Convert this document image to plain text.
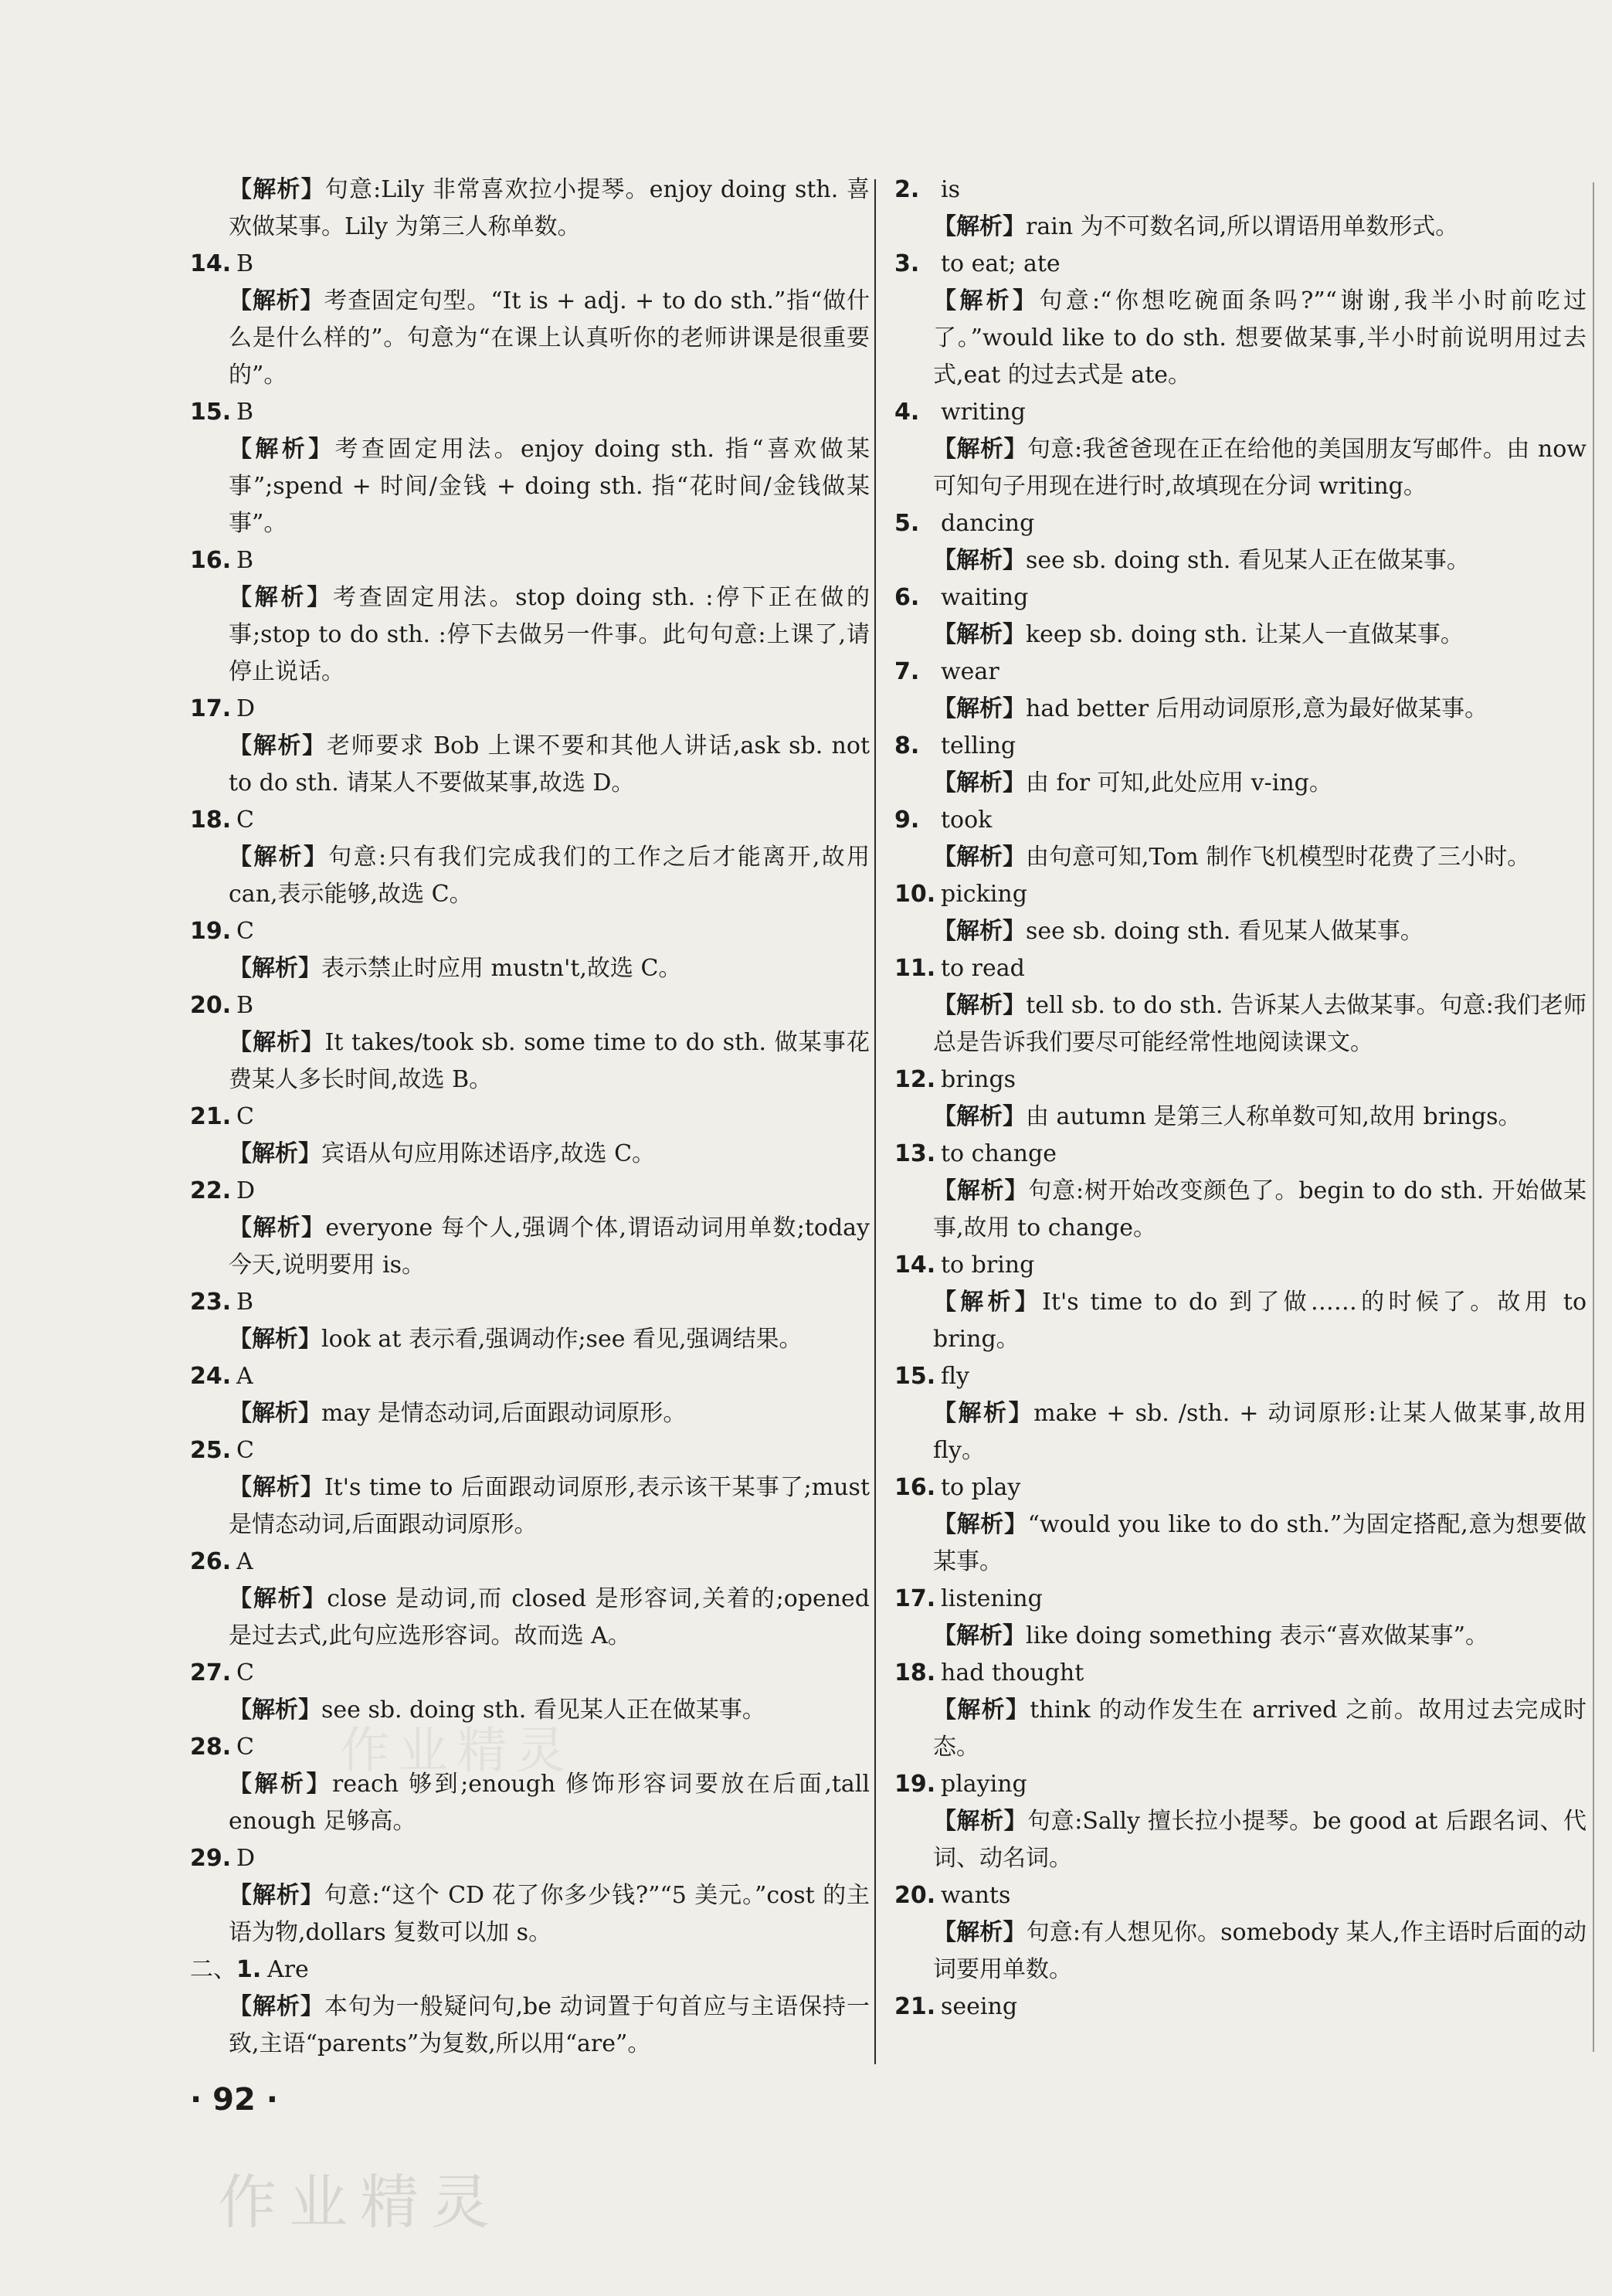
【解析】句意:Lily 非常喜欢拉小提琴。enjoy doing sth. 喜欢做某事。Lily 为第三人称单数。
14. B
【解析】考查固定句型。“It is + adj. + to do sth.”指“做什么是什么样的”。句意为“在课上认真听你的老师讲课是很重要的”。
15. B
【解析】考查固定用法。enjoy doing sth. 指“喜欢做某事”;spend + 时间/金钱 + doing sth. 指“花时间/金钱做某事”。
16. B
【解析】考查固定用法。stop doing sth. :停下正在做的事;stop to do sth. :停下去做另一件事。此句句意:上课了,请停止说话。
17. D
【解析】老师要求 Bob 上课不要和其他人讲话,ask sb. not to do sth. 请某人不要做某事,故选 D。
18. C
【解析】句意:只有我们完成我们的工作之后才能离开,故用 can,表示能够,故选 C。
19. C
【解析】表示禁止时应用 mustn't,故选 C。
20. B
【解析】It takes/took sb. some time to do sth. 做某事花费某人多长时间,故选 B。
21. C
【解析】宾语从句应用陈述语序,故选 C。
22. D
【解析】everyone 每个人,强调个体,谓语动词用单数;today 今天,说明要用 is。
23. B
【解析】look at 表示看,强调动作;see 看见,强调结果。
24. A
【解析】may 是情态动词,后面跟动词原形。
25. C
【解析】It's time to 后面跟动词原形,表示该干某事了;must 是情态动词,后面跟动词原形。
26. A
【解析】close 是动词,而 closed 是形容词,关着的;opened 是过去式,此句应选形容词。故而选 A。
27. C
【解析】see sb. doing sth. 看见某人正在做某事。
28. C
【解析】reach 够到;enough 修饰形容词要放在后面,tall enough 足够高。
29. D
【解析】句意:“这个 CD 花了你多少钱?”“5 美元。”cost 的主语为物,dollars 复数可以加 s。
二、 1. Are
【解析】本句为一般疑问句,be 动词置于句首应与主语保持一致,主语“parents”为复数,所以用“are”。
2. is
【解析】rain 为不可数名词,所以谓语用单数形式。
3. to eat; ate
【解析】句意:“你想吃碗面条吗?”“谢谢,我半小时前吃过了。”would like to do sth. 想要做某事,半小时前说明用过去式,eat 的过去式是 ate。
4. writing
【解析】句意:我爸爸现在正在给他的美国朋友写邮件。由 now 可知句子用现在进行时,故填现在分词 writing。
5. dancing
【解析】see sb. doing sth. 看见某人正在做某事。
6. waiting
【解析】keep sb. doing sth. 让某人一直做某事。
7. wear
【解析】had better 后用动词原形,意为最好做某事。
8. telling
【解析】由 for 可知,此处应用 v-ing。
9. took
【解析】由句意可知,Tom 制作飞机模型时花费了三小时。
10. picking
【解析】see sb. doing sth. 看见某人做某事。
11. to read
【解析】tell sb. to do sth. 告诉某人去做某事。句意:我们老师总是告诉我们要尽可能经常性地阅读课文。
12. brings
【解析】由 autumn 是第三人称单数可知,故用 brings。
13. to change
【解析】句意:树开始改变颜色了。begin to do sth. 开始做某事,故用 to change。
14. to bring
【解析】It's time to do 到了做……的时候了。故用 to bring。
15. fly
【解析】make + sb. /sth. + 动词原形:让某人做某事,故用 fly。
16. to play
【解析】“would you like to do sth.”为固定搭配,意为想要做某事。
17. listening
【解析】like doing something 表示“喜欢做某事”。
18. had thought
【解析】think 的动作发生在 arrived 之前。故用过去完成时态。
19. playing
【解析】句意:Sally 擅长拉小提琴。be good at 后跟名词、代词、动名词。
20. wants
【解析】句意:有人想见你。somebody 某人,作主语时后面的动词要用单数。
21. seeing
· 92 ·
作业精灵
作业精灵
